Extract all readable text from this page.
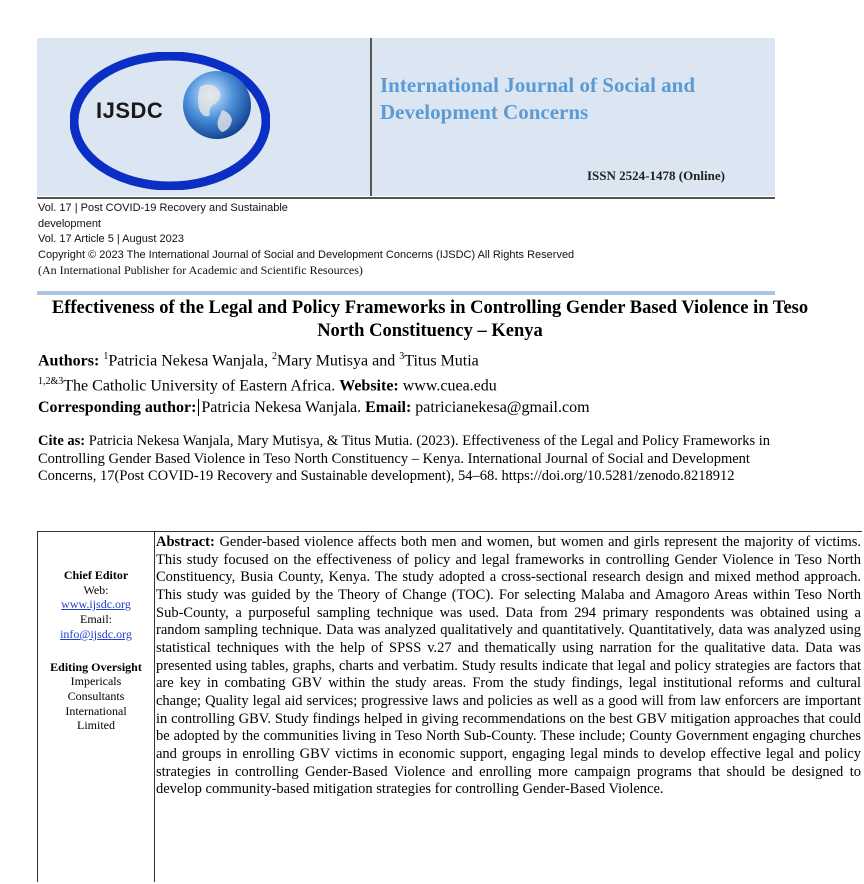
IJSDC
International Journal of Social and Development Concerns
ISSN 2524-1478 (Online)
Vol. 17 | Post COVID-19 Recovery and Sustainable
development
Vol. 17 Article 5 | August 2023
Copyright © 2023 The International Journal of Social and Development Concerns (IJSDC) All Rights Reserved
(An International Publisher for Academic and Scientific Resources)
Effectiveness of the Legal and Policy Frameworks in Controlling Gender Based Violence in Teso North Constituency – Kenya
Authors: $^1$Patricia Nekesa Wanjala, $^2$Mary Mutisya and $^3$Titus Mutia
$^{1,2\&3}$The Catholic University of Eastern Africa. Website: www.cuea.edu
Corresponding author: Patricia Nekesa Wanjala. Email: patricianekesa@gmail.com
Cite as: Patricia Nekesa Wanjala, Mary Mutisya, & Titus Mutia. (2023). Effectiveness of the Legal and Policy Frameworks in Controlling Gender Based Violence in Teso North Constituency – Kenya. International Journal of Social and Development Concerns, 17(Post COVID-19 Recovery and Sustainable development), 54–68. https://doi.org/10.5281/zenodo.8218912
Chief Editor
Web:
www.ijsdc.org
Email:
info@ijsdc.org
Editing Oversight
Impericals
Consultants
International
Limited
Abstract: Gender-based violence affects both men and women, but women and girls represent the majority of victims. This study focused on the effectiveness of policy and legal frameworks in controlling Gender Violence in Teso North Constituency, Busia County, Kenya. The study adopted a cross-sectional research design and mixed method approach. This study was guided by the Theory of Change (TOC). For selecting Malaba and Amagoro Areas within Teso North Sub-County, a purposeful sampling technique was used. Data from 294 primary respondents was obtained using a random sampling technique. Data was analyzed qualitatively and quantitatively. Quantitatively, data was analyzed using statistical techniques with the help of SPSS v.27 and thematically using narration for the qualitative data. Data was presented using tables, graphs, charts and verbatim. Study results indicate that legal and policy strategies are factors that are key in combating GBV within the study areas. From the study findings, legal institutional reforms and cultural change; Quality legal aid services; progressive laws and policies as well as a good will from law enforcers are important in controlling GBV. Study findings helped in giving recommendations on the best GBV mitigation approaches that could be adopted by the communities living in Teso North Sub-County. These include; County Government engaging churches and groups in enrolling GBV victims in economic support, engaging legal minds to develop effective legal and policy strategies in controlling Gender-Based Violence and enrolling more campaign programs that should be designed to develop community-based mitigation strategies for controlling Gender-Based Violence.
